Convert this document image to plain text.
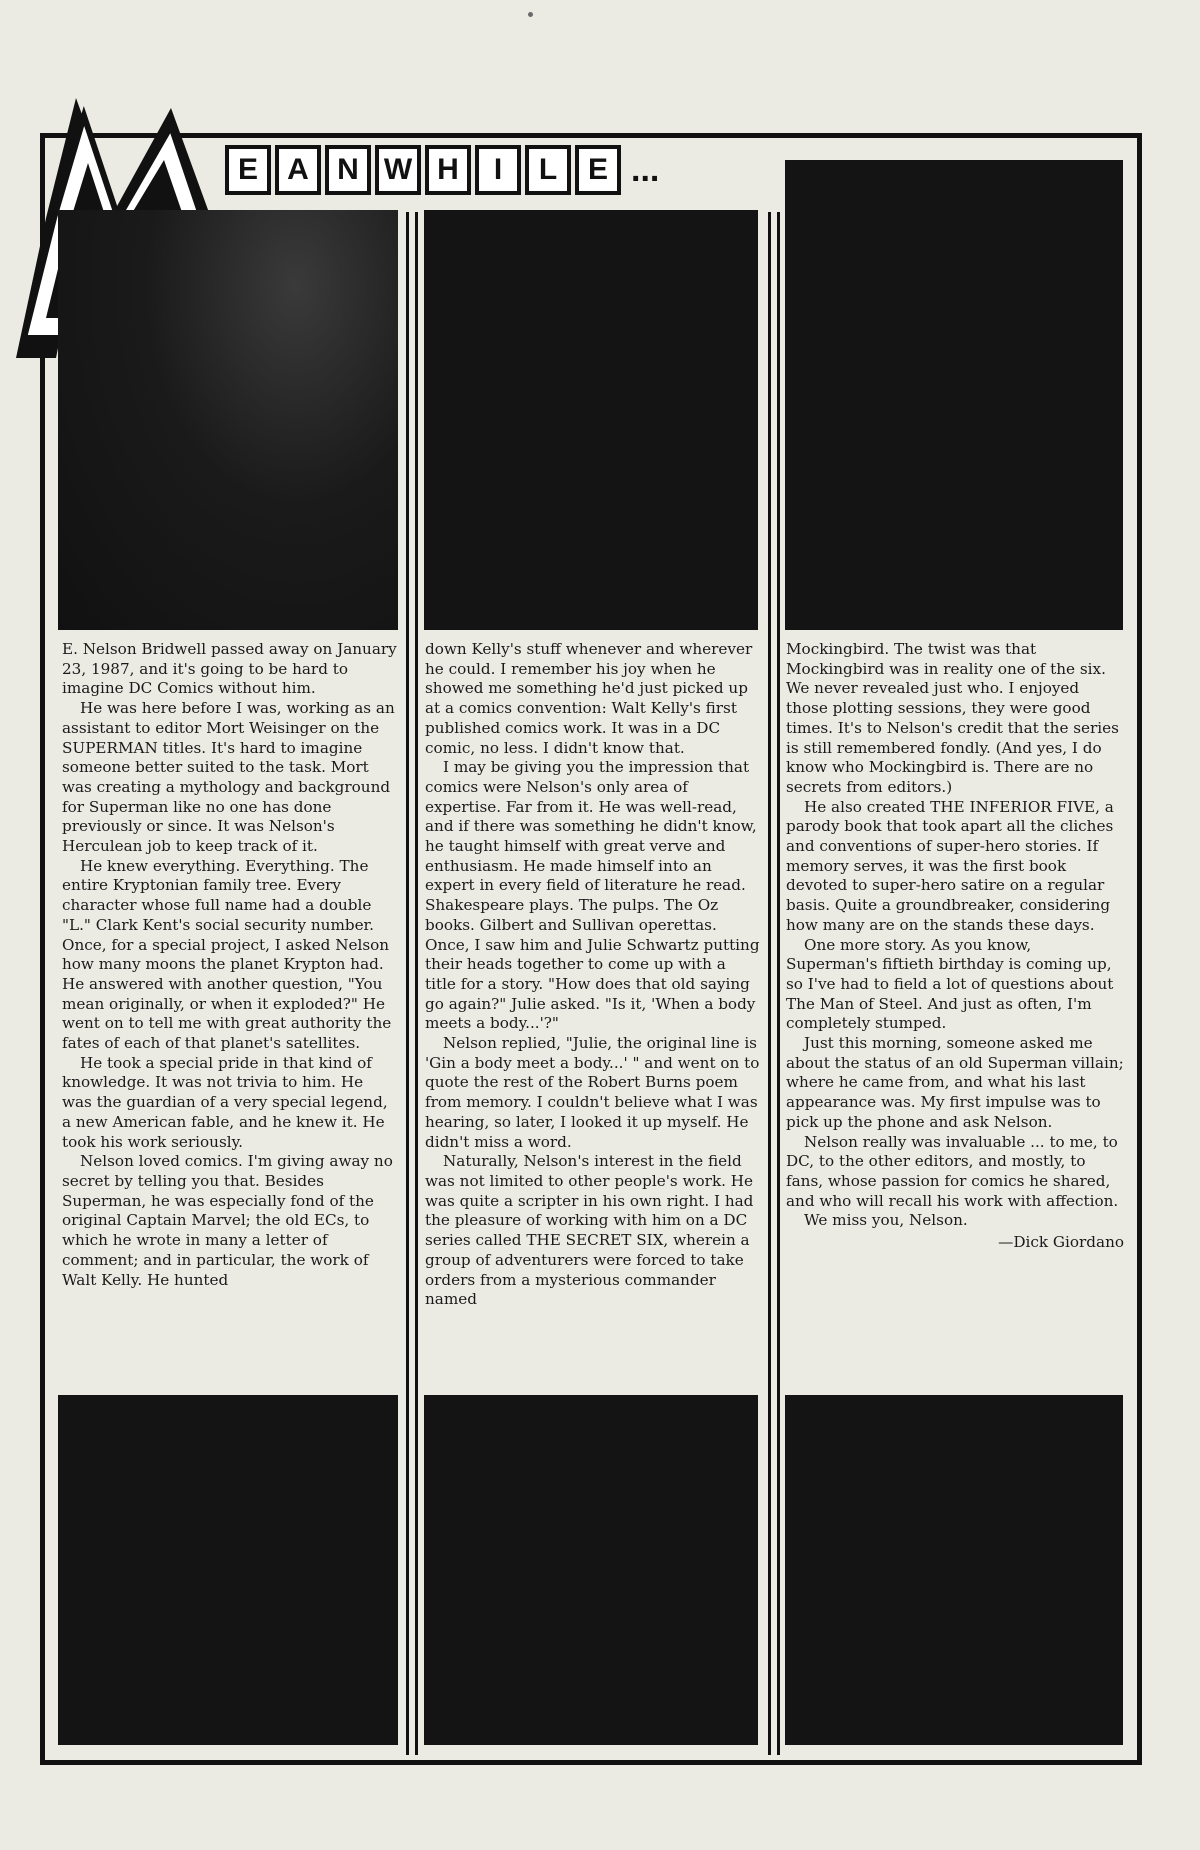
M
E A N W H	I	L	E ...

E. Nelson Bridwell passed away on January 23, 1987, and it's going to be hard to imagine DC Comics without him.

He was here before I was, working as an assistant to editor Mort Weisinger on the SUPERMAN titles. It's hard to imagine someone better suited to the task. Mort was creating a mythology and background for Superman like no one has done previously or since. It was Nelson's Herculean job to keep track of it.

He knew everything. Everything. The entire Kryptonian family tree. Every character whose full name had a double "L." Clark Kent's social security number. Once, for a special project, I asked Nelson how many moons the planet Krypton had. He answered with another question, "You mean originally, or when it exploded?" He went on to tell me with great authority the fates of each of that planet's satellites.

He took a special pride in that kind of knowledge. It was not trivia to him. He was the guardian of a very special legend, a new American fable, and he knew it. He took his work seriously.

Nelson loved comics. I'm giving away no secret by telling you that. Besides Superman, he was especially fond of the original Captain Marvel; the old ECs, to which he wrote in many a letter of comment; and in particular, the work of Walt Kelly. He hunted

down Kelly's stuff whenever and wherever he could. I remember his joy when he showed me something he'd just picked up at a comics convention: Walt Kelly's first published comics work. It was in a DC comic, no less. I didn't know that.

I may be giving you the impression that comics were Nelson's only area of expertise. Far from it. He was well-read, and if there was something he didn't know, he taught himself with great verve and enthusiasm. He made himself into an expert in every field of literature he read. Shakespeare plays. The pulps. The Oz books. Gilbert and Sullivan operettas. Once, I saw him and Julie Schwartz putting their heads together to come up with a title for a story. "How does that old saying go again?" Julie asked. "Is it, 'When a body meets a body...'?"

Nelson replied, "Julie, the original line is 'Gin a body meet a body...' " and went on to quote the rest of the Robert Burns poem from memory. I couldn't believe what I was hearing, so later, I looked it up myself. He didn't miss a word.

Naturally, Nelson's interest in the field was not limited to other people's work. He was quite a scripter in his own right. I had the pleasure of working with him on a DC series called THE SECRET SIX, wherein a group of adventurers were forced to take orders from a mysterious commander named

Mockingbird. The twist was that Mockingbird was in reality one of the six. We never revealed just who. I enjoyed those plotting sessions, they were good times. It's to Nelson's credit that the series is still remembered fondly. (And yes, I do know who Mockingbird is. There are no secrets from editors.)

He also created THE INFERIOR FIVE, a parody book that took apart all the cliches and conventions of super-hero stories. If memory serves, it was the first book devoted to super-hero satire on a regular basis. Quite a groundbreaker, considering how many are on the stands these days.

One more story. As you know, Superman's fiftieth birthday is coming up, so I've had to field a lot of questions about The Man of Steel. And just as often, I'm completely stumped.

Just this morning, someone asked me about the status of an old Superman villain; where he came from, and what his last appearance was. My first impulse was to pick up the phone and ask Nelson.

Nelson really was invaluable ... to me, to DC, to the other editors, and mostly, to fans, whose passion for comics he shared, and who will recall his work with affection.

We miss you, Nelson.

—Dick Giordano
